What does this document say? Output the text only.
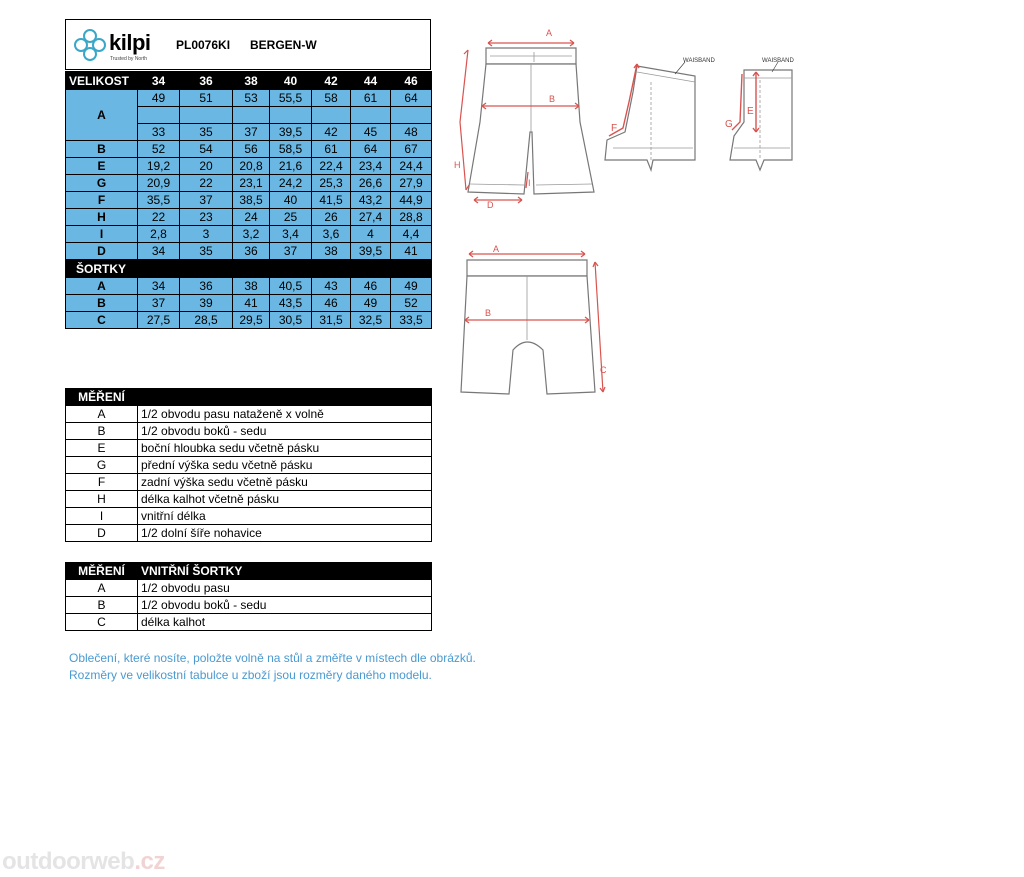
kilpi
Trusted by North
PL0076KI BERGEN-W
VELIKOST	34	36	38	40	42	44	46
A	49	51	53	55,5	58	61	64

	33	35	37	39,5	42	45	48
B	52	54	56	58,5	61	64	67
E	19,2	20	20,8	21,6	22,4	23,4	24,4
G	20,9	22	23,1	24,2	25,3	26,6	27,9
F	35,5	37	38,5	40	41,5	43,2	44,9
H	22	23	24	25	26	27,4	28,8
I	2,8	3	3,2	3,4	3,6	4	4,4
D	34	35	36	37	38	39,5	41
ŠORTKY							
A	34	36	38	40,5	43	46	49
B	37	39	41	43,5	46	49	52
C	27,5	28,5	29,5	30,5	31,5	32,5	33,5
MĚŘENÍ	
A	1/2 obvodu pasu nataženě x volně
B	1/2 obvodu boků - sedu
E	boční hloubka sedu včetně pásku
G	přední výška sedu včetně pásku
F	zadní výška sedu včetně pásku
H	délka kalhot včetně pásku
I	vnitřní délka
D	1/2 dolní šíře nohavice
MĚŘENÍ	VNITŘNÍ ŠORTKY
A	1/2 obvodu pasu
B	1/2 obvodu boků - sedu
C	délka kalhot
Oblečení, které nosíte, položte volně na stůl a změřte v místech dle obrázků.
Rozměry ve velikostní tabulce u zboží jsou rozměry daného modelu.
A
B
H
I
D
WAISBAND
F
WAISBAND
G
E
A
B
C
outdoorweb.cz
